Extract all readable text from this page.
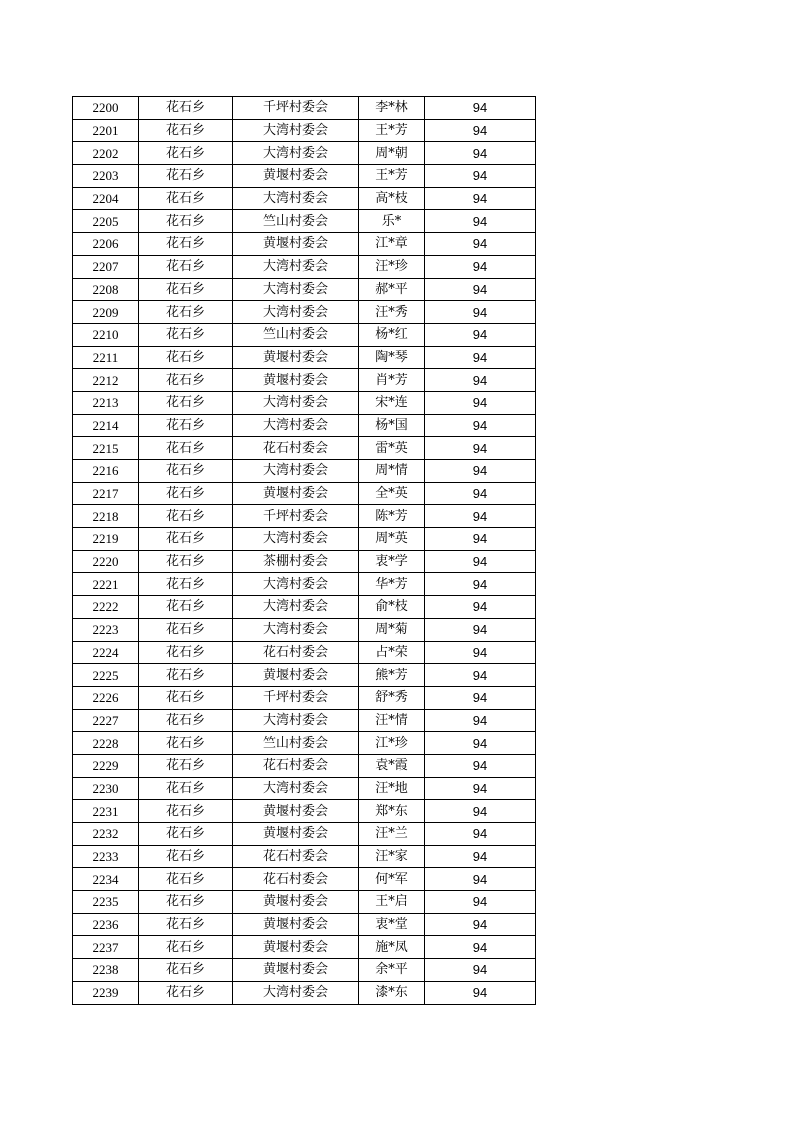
2200	花石乡	千坪村委会	李*林	94
2201	花石乡	大湾村委会	王*芳	94
2202	花石乡	大湾村委会	周*朝	94
2203	花石乡	黄堰村委会	王*芳	94
2204	花石乡	大湾村委会	高*枝	94
2205	花石乡	竺山村委会	乐*	94
2206	花石乡	黄堰村委会	江*章	94
2207	花石乡	大湾村委会	汪*珍	94
2208	花石乡	大湾村委会	郝*平	94
2209	花石乡	大湾村委会	汪*秀	94
2210	花石乡	竺山村委会	杨*红	94
2211	花石乡	黄堰村委会	陶*琴	94
2212	花石乡	黄堰村委会	肖*芳	94
2213	花石乡	大湾村委会	宋*连	94
2214	花石乡	大湾村委会	杨*国	94
2215	花石乡	花石村委会	雷*英	94
2216	花石乡	大湾村委会	周*情	94
2217	花石乡	黄堰村委会	全*英	94
2218	花石乡	千坪村委会	陈*芳	94
2219	花石乡	大湾村委会	周*英	94
2220	花石乡	茶棚村委会	衷*学	94
2221	花石乡	大湾村委会	华*芳	94
2222	花石乡	大湾村委会	俞*枝	94
2223	花石乡	大湾村委会	周*菊	94
2224	花石乡	花石村委会	占*荣	94
2225	花石乡	黄堰村委会	熊*芳	94
2226	花石乡	千坪村委会	舒*秀	94
2227	花石乡	大湾村委会	汪*情	94
2228	花石乡	竺山村委会	江*珍	94
2229	花石乡	花石村委会	袁*霞	94
2230	花石乡	大湾村委会	汪*地	94
2231	花石乡	黄堰村委会	郑*东	94
2232	花石乡	黄堰村委会	汪*兰	94
2233	花石乡	花石村委会	汪*家	94
2234	花石乡	花石村委会	何*军	94
2235	花石乡	黄堰村委会	王*启	94
2236	花石乡	黄堰村委会	衷*堂	94
2237	花石乡	黄堰村委会	施*凤	94
2238	花石乡	黄堰村委会	余*平	94
2239	花石乡	大湾村委会	漆*东	94
